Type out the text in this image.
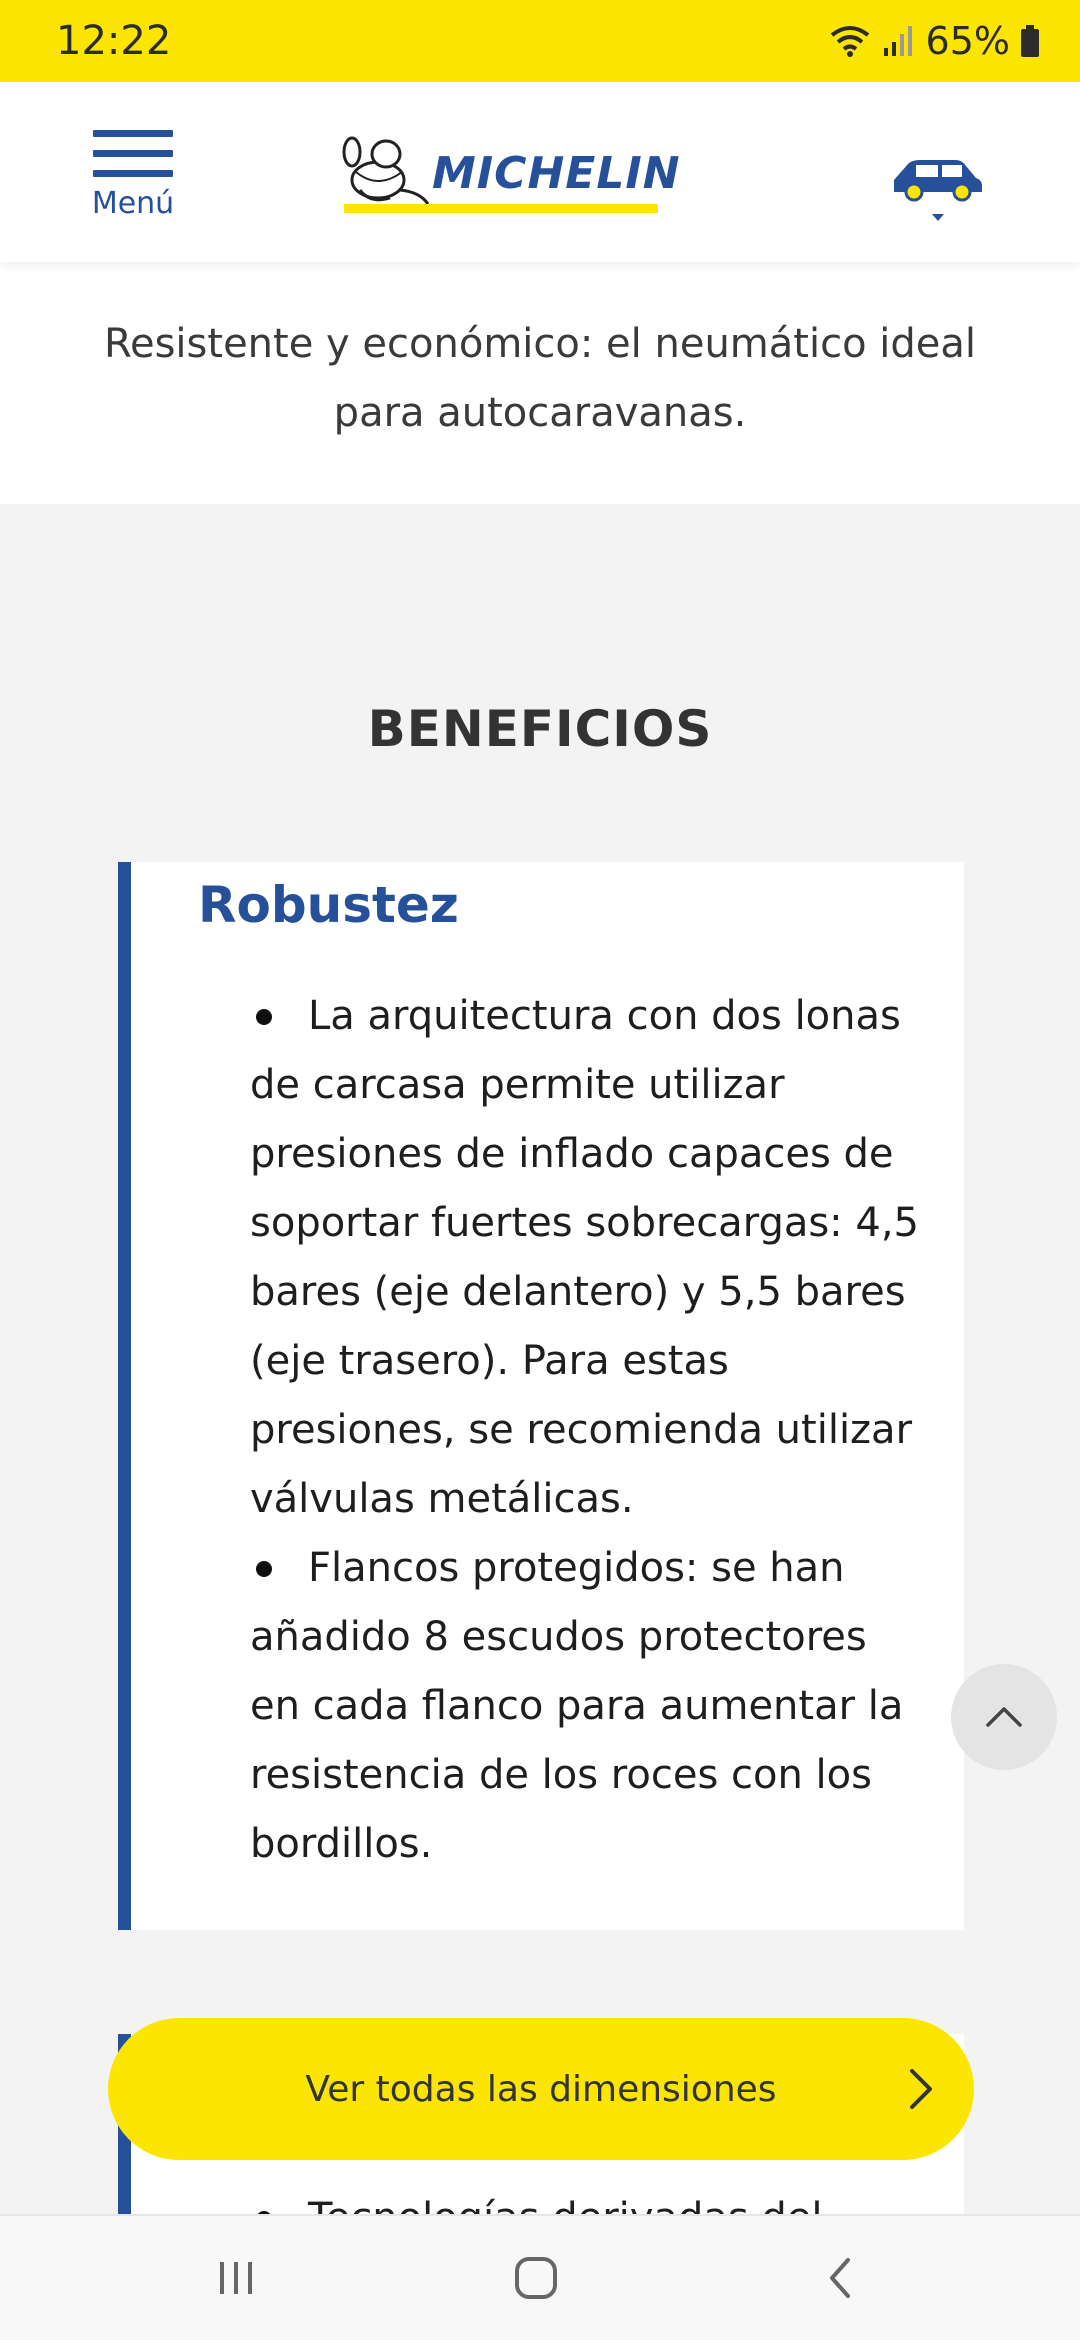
12:22	65%
Menú
MICHELIN

Resistente y económico: el neumático ideal para autocaravanas.

BENEFICIOS
Robustez
La arquitectura con dos lonas de carcasa permite utilizar presiones de inflado capaces de soportar fuertes sobrecargas: 4,5 bares (eje delantero) y 5,5 bares (eje trasero). Para estas presiones, se recomienda utilizar válvulas metálicas.
Flancos protegidos: se han añadido 8 escudos protectores en cada flanco para aumentar la resistencia de los roces con los bordillos.
Ver todas las dimensiones
